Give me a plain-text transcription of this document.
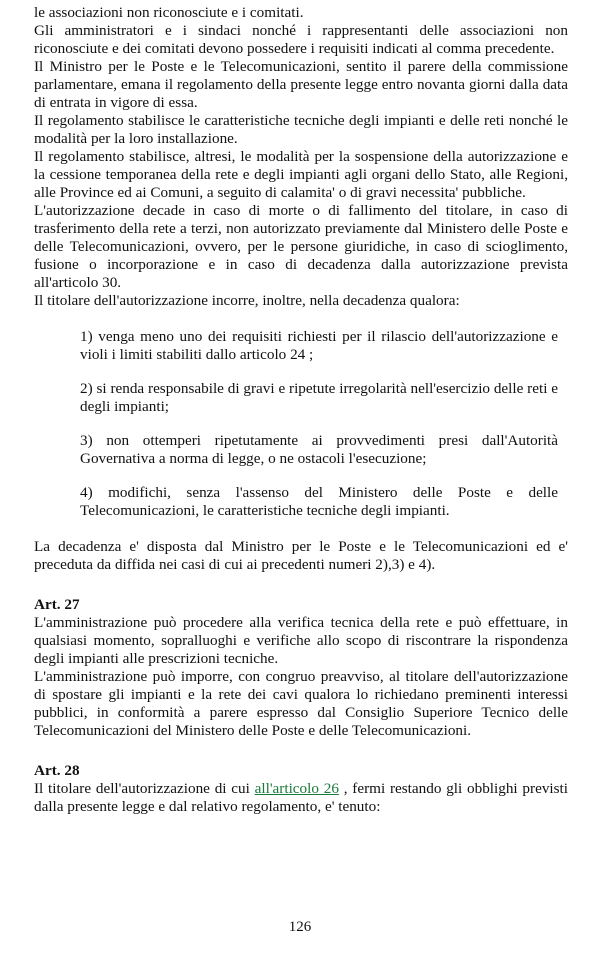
le associazioni non riconosciute e i comitati.

Gli amministratori e i sindaci nonché i rappresentanti delle associazioni non riconosciute e dei comitati devono possedere i requisiti indicati al comma precedente.

Il Ministro per le Poste e le Telecomunicazioni, sentito il parere della commissione parlamentare, emana il regolamento della presente legge entro novanta giorni dalla data di entrata in vigore di essa.

Il regolamento stabilisce le caratteristiche tecniche degli impianti e delle reti nonché le modalità per la loro installazione.

Il regolamento stabilisce, altresi, le modalità per la sospensione della autorizzazione e la cessione temporanea della rete e degli impianti agli organi dello Stato, alle Regioni, alle Province ed ai Comuni, a seguito di calamita' o di gravi necessita' pubbliche.

L'autorizzazione decade in caso di morte o di fallimento del titolare, in caso di trasferimento della rete a terzi, non autorizzato previamente dal Ministero delle Poste e delle Telecomunicazioni, ovvero, per le persone giuridiche, in caso di scioglimento, fusione o incorporazione e in caso di decadenza dalla autorizzazione prevista all'articolo 30.

Il titolare dell'autorizzazione incorre, inoltre, nella decadenza qualora:

1) venga meno uno dei requisiti richiesti per il rilascio dell'autorizzazione e violi i limiti stabiliti dallo articolo 24 ;

2) si renda responsabile di gravi e ripetute irregolarità nell'esercizio delle reti e degli impianti;

3) non ottemperi ripetutamente ai provvedimenti presi dall'Autorità Governativa a norma di legge, o ne ostacoli l'esecuzione;

4) modifichi, senza l'assenso del Ministero delle Poste e delle Telecomunicazioni, le caratteristiche tecniche degli impianti.

La decadenza e' disposta dal Ministro per le Poste e le Telecomunicazioni ed e' preceduta da diffida nei casi di cui ai precedenti numeri 2),3) e 4).

Art. 27

L'amministrazione può procedere alla verifica tecnica della rete e può effettuare, in qualsiasi momento, sopralluoghi e verifiche allo scopo di riscontrare la rispondenza degli impianti alle prescrizioni tecniche.

L'amministrazione può imporre, con congruo preavviso, al titolare dell'autorizzazione di spostare gli impianti e la rete dei cavi qualora lo richiedano preminenti interessi pubblici, in conformità a parere espresso dal Consiglio Superiore Tecnico delle Telecomunicazioni del Ministero delle Poste e delle Telecomunicazioni.

Art. 28

Il titolare dell'autorizzazione di cui all'articolo 26 , fermi restando gli obblighi previsti dalla presente legge e dal relativo regolamento, e' tenuto:

126
